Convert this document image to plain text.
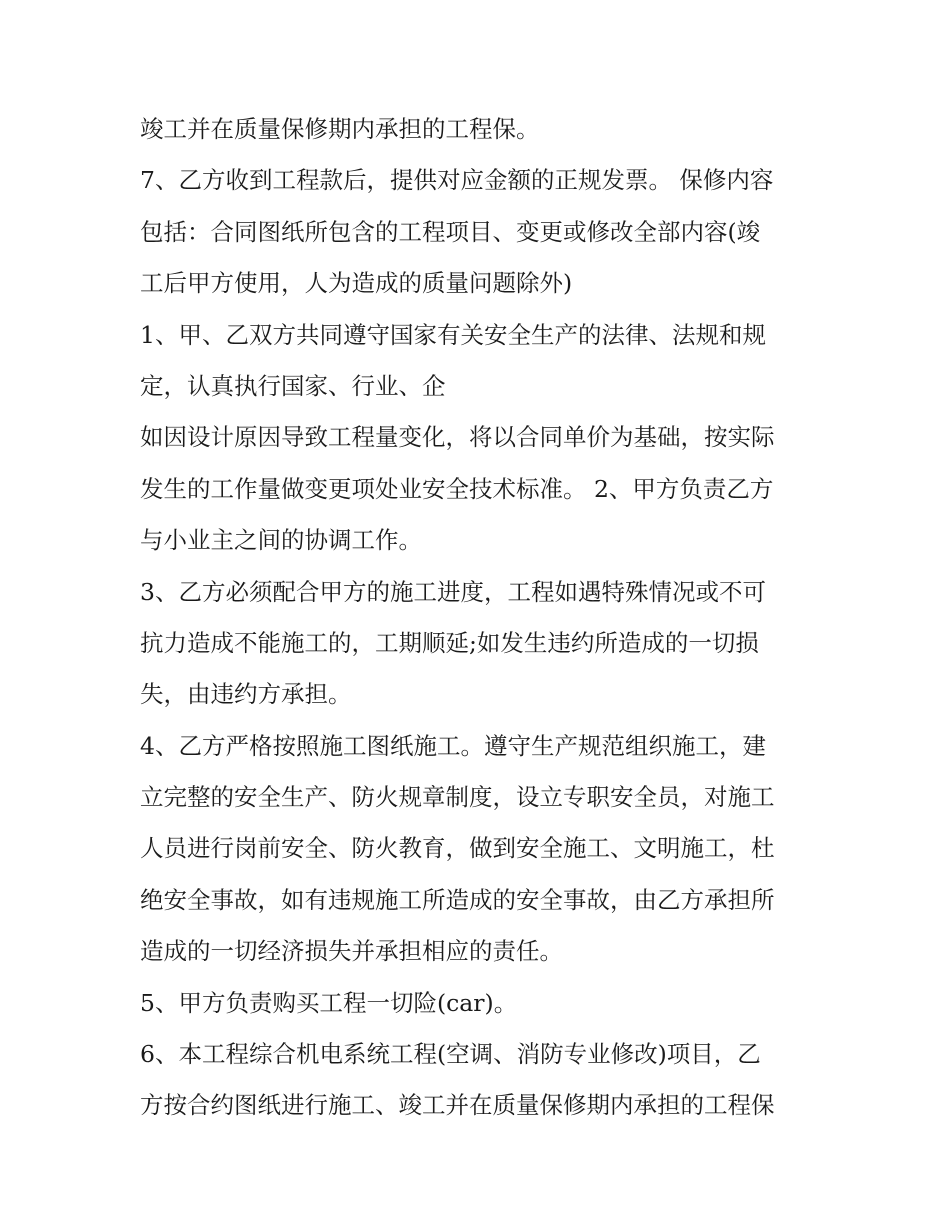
竣工并在质量保修期内承担的工程保。
7、乙方收到工程款后，提供对应金额的正规发票。 保修内容
包括：合同图纸所包含的工程项目、变更或修改全部内容(竣
工后甲方使用，人为造成的质量问题除外)
1、甲、乙双方共同遵守国家有关安全生产的法律、法规和规
定，认真执行国家、行业、企
如因设计原因导致工程量变化，将以合同单价为基础，按实际
发生的工作量做变更项处业安全技术标准。 2、甲方负责乙方
与小业主之间的协调工作。
3、乙方必须配合甲方的施工进度，工程如遇特殊情况或不可
抗力造成不能施工的，工期顺延;如发生违约所造成的一切损
失，由违约方承担。
4、乙方严格按照施工图纸施工。遵守生产规范组织施工，建
立完整的安全生产、防火规章制度，设立专职安全员，对施工
人员进行岗前安全、防火教育，做到安全施工、文明施工，杜
绝安全事故，如有违规施工所造成的安全事故，由乙方承担所
造成的一切经济损失并承担相应的责任。
5、甲方负责购买工程一切险(car)。
6、本工程综合机电系统工程(空调、消防专业修改)项目，乙
方按合约图纸进行施工、竣工并在质量保修期内承担的工程保
